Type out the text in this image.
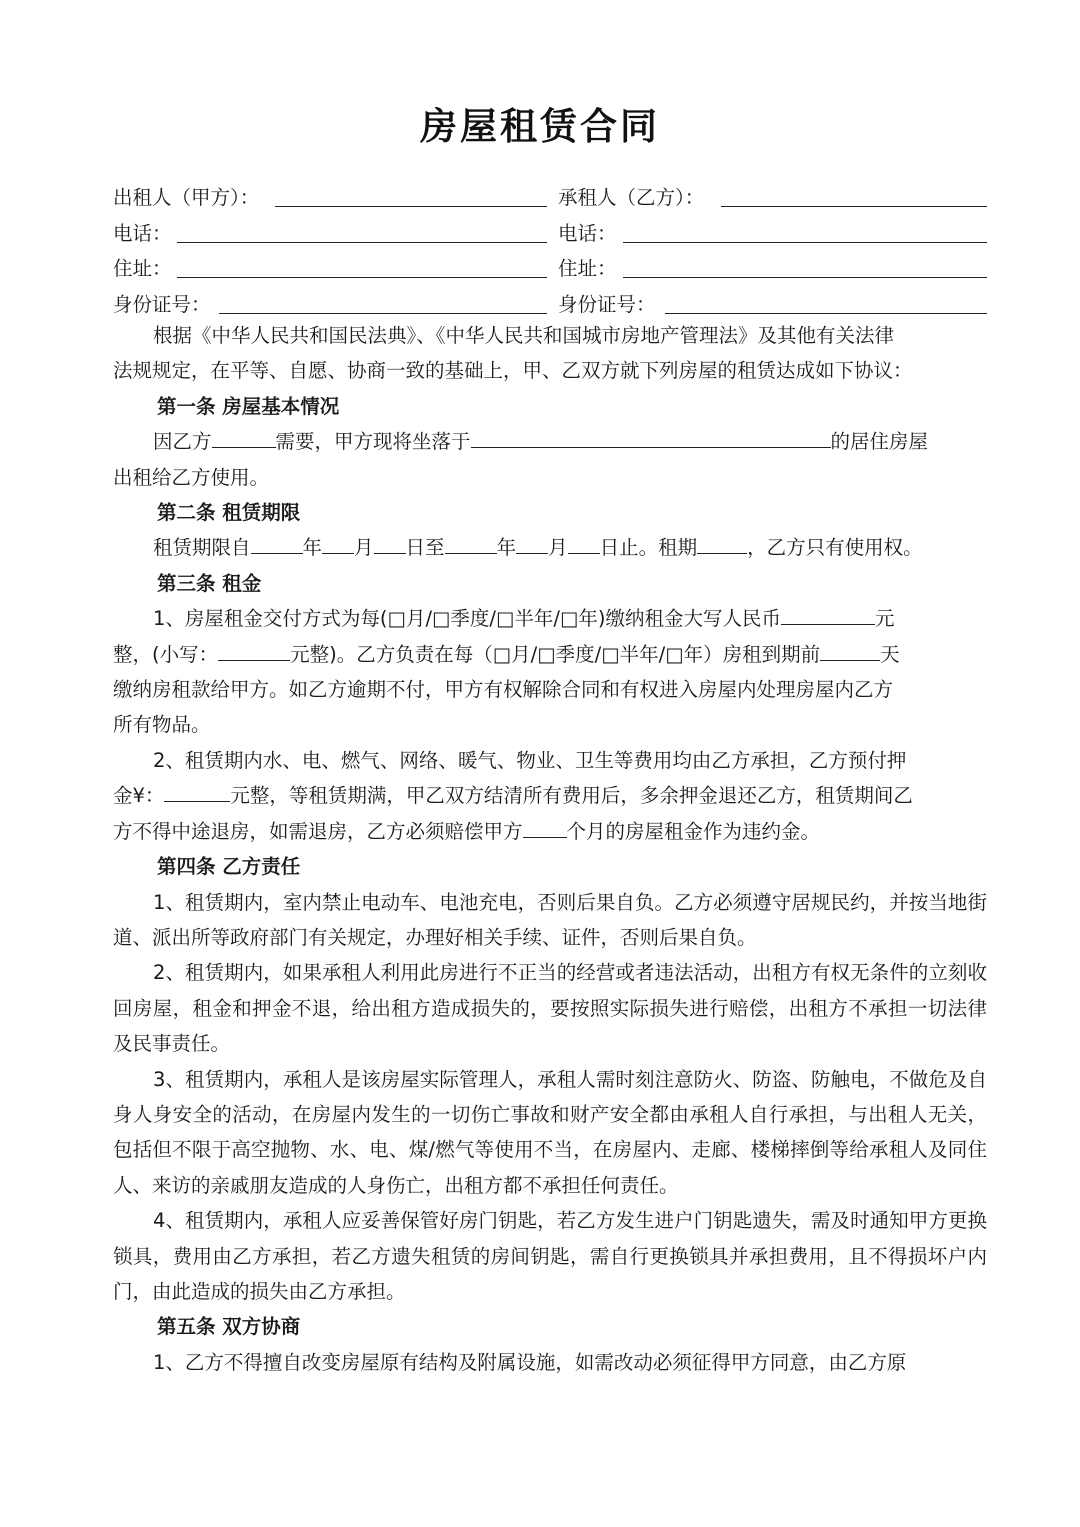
房屋租赁合同
出租人（甲方）：	承租人（乙方）：
电话：	电话：
住址：	住址：
身份证号：	身份证号：

根据《中华人民共和国民法典》、《中华人民共和国城市房地产管理法》及其他有关法律

法规规定，在平等、自愿、协商一致的基础上，甲、乙双方就下列房屋的租赁达成如下协议：

第一条 房屋基本情况

因乙方	需要，甲方现将坐落于	的居住房屋

出租给乙方使用。

第二条 租赁期限

租赁期限自	年 月 日至	年 月 日止。租期	，乙方只有使用权。

第三条 租金

1、房屋租金交付方式为每(□月/□季度/□半年/□年)缴纳租金大写人民币	元

整，(小写：	元整)。乙方负责在每（□月/□季度/□半年/□年）房租到期前	天

缴纳房租款给甲方。如乙方逾期不付，甲方有权解除合同和有权进入房屋内处理房屋内乙方

所有物品。

2、租赁期内水、电、燃气、网络、暖气、物业、卫生等费用均由乙方承担，乙方预付押

金¥：	元整，等租赁期满，甲乙双方结清所有费用后，多余押金退还乙方，租赁期间乙

方不得中途退房，如需退房，乙方必须赔偿甲方 个月的房屋租金作为违约金。

第四条 乙方责任

1、租赁期内，室内禁止电动车、电池充电，否则后果自负。乙方必须遵守居规民约，并按当地街道、派出所等政府部门有关规定，办理好相关手续、证件，否则后果自负。

2、租赁期内，如果承租人利用此房进行不正当的经营或者违法活动，出租方有权无条件的立刻收回房屋，租金和押金不退，给出租方造成损失的，要按照实际损失进行赔偿，出租方不承担一切法律及民事责任。

3、租赁期内，承租人是该房屋实际管理人，承租人需时刻注意防火、防盗、防触电，不做危及自身人身安全的活动，在房屋内发生的一切伤亡事故和财产安全都由承租人自行承担，与出租人无关，包括但不限于高空抛物、水、电、煤/燃气等使用不当，在房屋内、走廊、楼梯摔倒等给承租人及同住人、来访的亲戚朋友造成的人身伤亡，出租方都不承担任何责任。

4、租赁期内，承租人应妥善保管好房门钥匙，若乙方发生进户门钥匙遗失，需及时通知甲方更换锁具，费用由乙方承担，若乙方遗失租赁的房间钥匙，需自行更换锁具并承担费用，且不得损坏户内门，由此造成的损失由乙方承担。

第五条 双方协商

1、乙方不得擅自改变房屋原有结构及附属设施，如需改动必须征得甲方同意，由乙方原
